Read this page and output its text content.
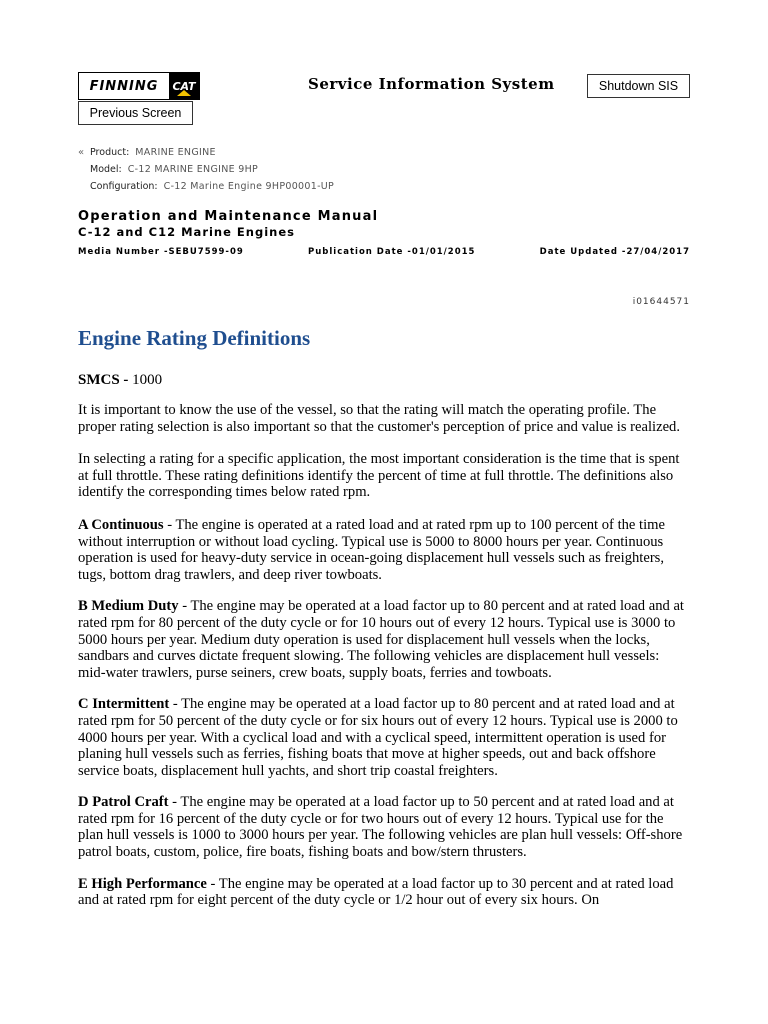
FINNING	CAT	Service Information System	Shutdown SIS
Previous Screen
« Product: MARINE ENGINE
Model: C-12 MARINE ENGINE 9HP
Configuration: C-12 Marine Engine 9HP00001-UP
Operation and Maintenance Manual
C-12 and C12 Marine Engines
Media Number -SEBU7599-09	Publication Date -01/01/2015	Date Updated -27/04/2017
i01644571
Engine Rating Definitions
SMCS - 1000

It is important to know the use of the vessel, so that the rating will match the operating profile. The proper rating selection is also important so that the customer's perception of price and value is realized.

In selecting a rating for a specific application, the most important consideration is the time that is spent at full throttle. These rating definitions identify the percent of time at full throttle. The definitions also identify the corresponding times below rated rpm.

A Continuous - The engine is operated at a rated load and at rated rpm up to 100 percent of the time without interruption or without load cycling. Typical use is 5000 to 8000 hours per year. Continuous operation is used for heavy-duty service in ocean-going displacement hull vessels such as freighters, tugs, bottom drag trawlers, and deep river towboats.

B Medium Duty - The engine may be operated at a load factor up to 80 percent and at rated load and at rated rpm for 80 percent of the duty cycle or for 10 hours out of every 12 hours. Typical use is 3000 to 5000 hours per year. Medium duty operation is used for displacement hull vessels when the locks, sandbars and curves dictate frequent slowing. The following vehicles are displacement hull vessels: mid-water trawlers, purse seiners, crew boats, supply boats, ferries and towboats.

C Intermittent - The engine may be operated at a load factor up to 80 percent and at rated load and at rated rpm for 50 percent of the duty cycle or for six hours out of every 12 hours. Typical use is 2000 to 4000 hours per year. With a cyclical load and with a cyclical speed, intermittent operation is used for planing hull vessels such as ferries, fishing boats that move at higher speeds, out and back offshore service boats, displacement hull yachts, and short trip coastal freighters.

D Patrol Craft - The engine may be operated at a load factor up to 50 percent and at rated load and at rated rpm for 16 percent of the duty cycle or for two hours out of every 12 hours. Typical use for the plan hull vessels is 1000 to 3000 hours per year. The following vehicles are plan hull vessels: Off-shore patrol boats, custom, police, fire boats, fishing boats and bow/stern thrusters.

E High Performance - The engine may be operated at a load factor up to 30 percent and at rated load and at rated rpm for eight percent of the duty cycle or 1/2 hour out of every six hours. On
